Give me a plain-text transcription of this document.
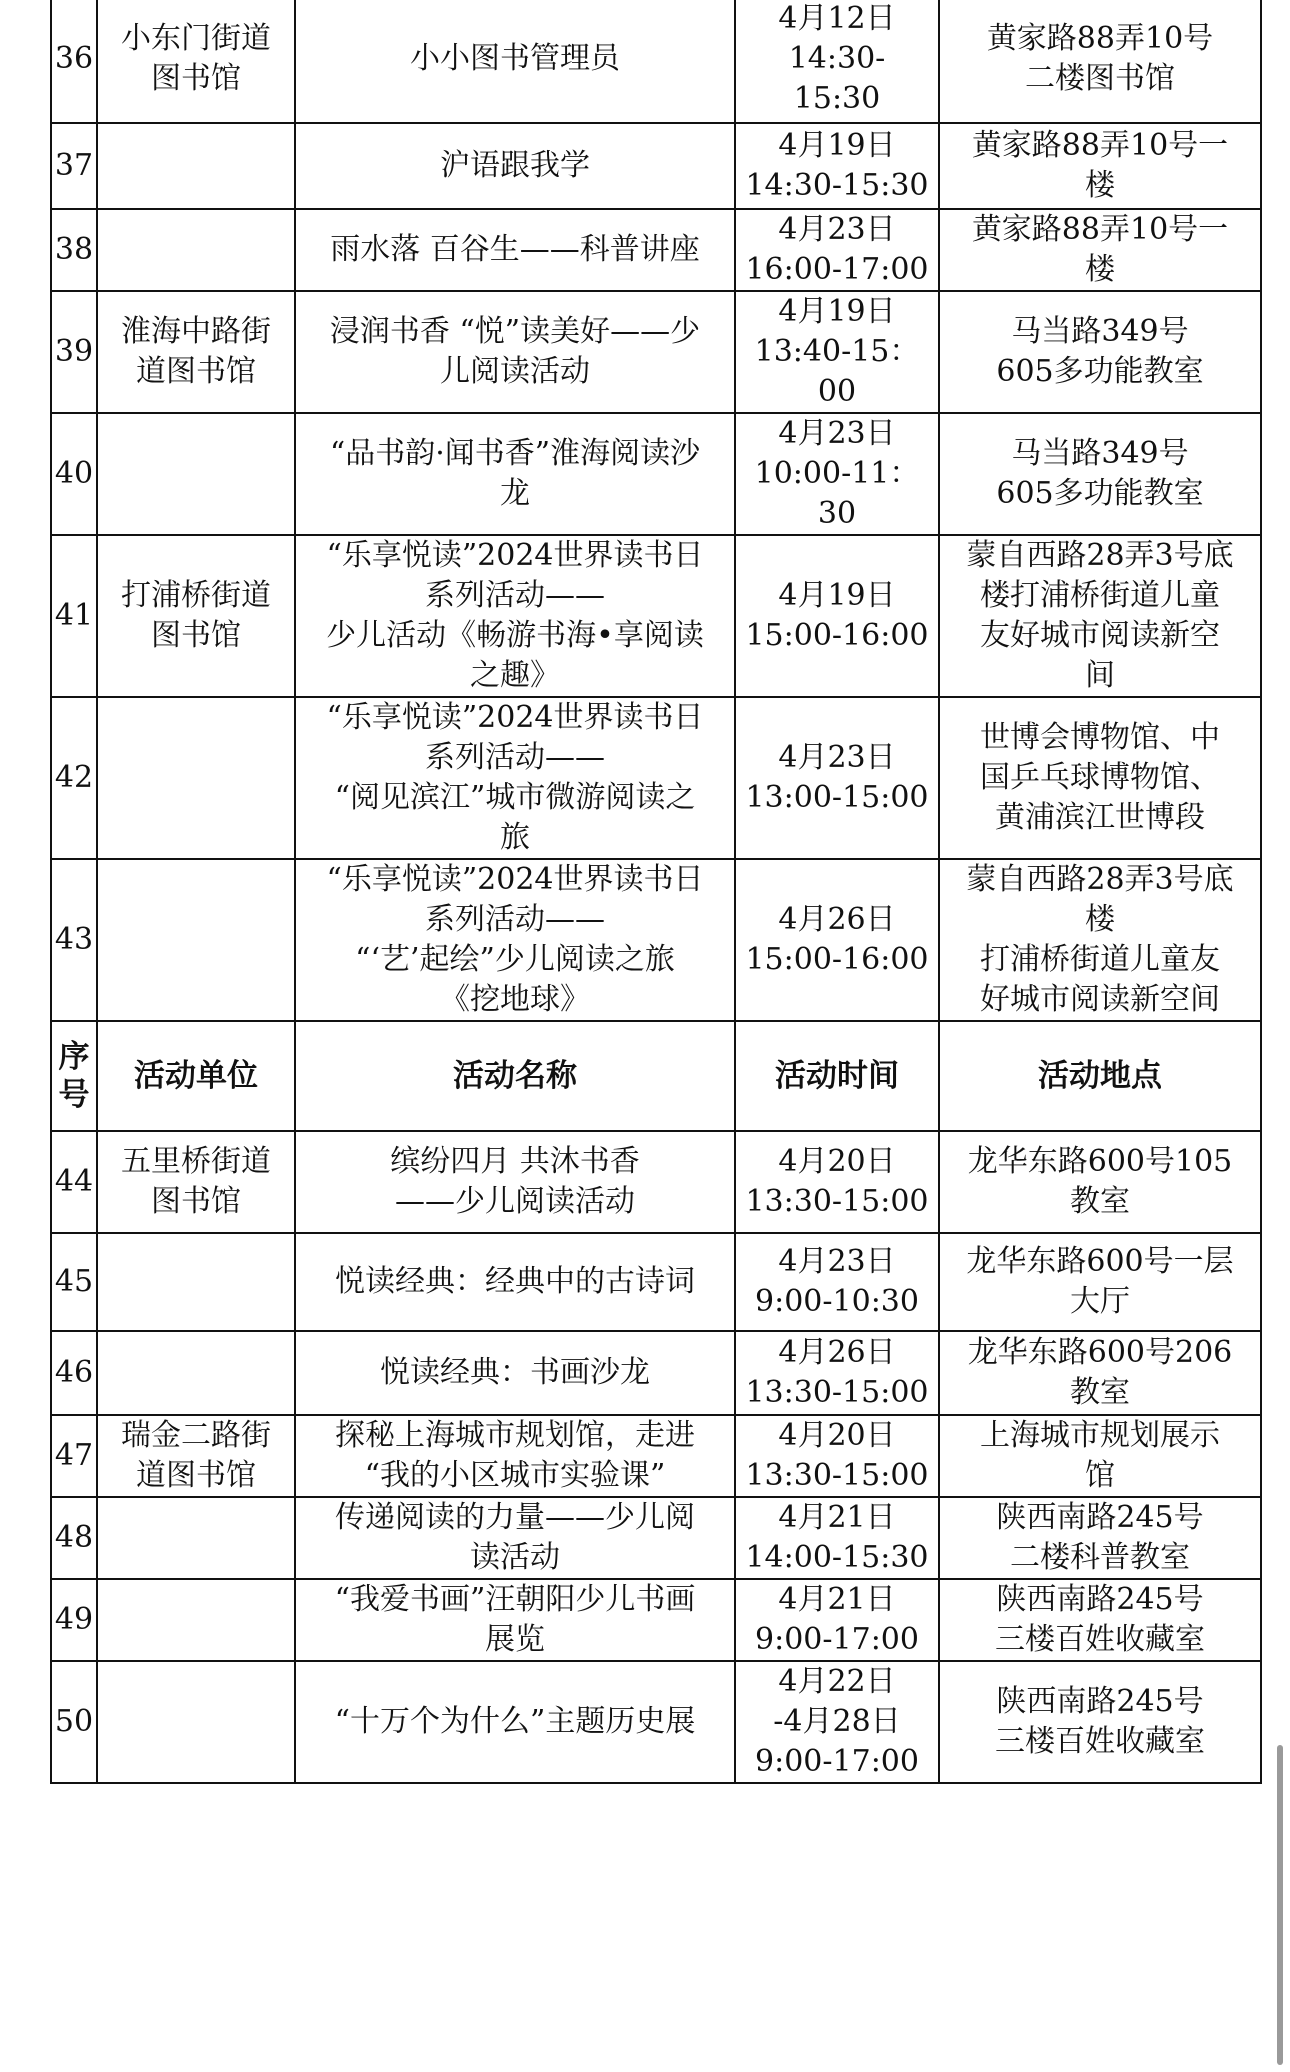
36	小东门街道
图书馆	小小图书管理员	4月12日
14:30-
15:30	黄家路88弄10号
二楼图书馆
37		沪语跟我学	4月19日
14:30-15:30	黄家路88弄10号一
楼
38		雨水落 百谷生——科普讲座	4月23日
16:00-17:00	黄家路88弄10号一
楼
39	淮海中路街
道图书馆	浸润书香 “悦”读美好——少
儿阅读活动	4月19日
13:40-15：
00	马当路349号
605多功能教室
40		“品书韵·闻书香”淮海阅读沙
龙	4月23日
10:00-11：
30	马当路349号
605多功能教室
41	打浦桥街道
图书馆	“乐享悦读”2024世界读书日
系列活动——
少儿活动《畅游书海•享阅读
之趣》	4月19日
15:00-16:00	蒙自西路28弄3号底
楼打浦桥街道儿童
友好城市阅读新空
间
42		“乐享悦读”2024世界读书日
系列活动——
“阅见滨江”城市微游阅读之
旅	4月23日
13:00-15:00	世博会博物馆、中
国乒乓球博物馆、
黄浦滨江世博段
43		“乐享悦读”2024世界读书日
系列活动——
“‘艺’起绘”少儿阅读之旅
《挖地球》	4月26日
15:00-16:00	蒙自西路28弄3号底
楼
打浦桥街道儿童友
好城市阅读新空间
序
号	活动单位	活动名称	活动时间	活动地点
44	五里桥街道
图书馆	缤纷四月 共沐书香
——少儿阅读活动	4月20日
13:30-15:00	龙华东路600号105
教室
45		悦读经典：经典中的古诗词	4月23日
9:00-10:30	龙华东路600号一层
大厅
46		悦读经典：书画沙龙	4月26日
13:30-15:00	龙华东路600号206
教室
47	瑞金二路街
道图书馆	探秘上海城市规划馆，走进
“我的小区城市实验课”	4月20日
13:30-15:00	上海城市规划展示
馆
48		传递阅读的力量——少儿阅
读活动	4月21日
14:00-15:30	陕西南路245号
二楼科普教室
49		“我爱书画”汪朝阳少儿书画
展览	4月21日
9:00-17:00	陕西南路245号
三楼百姓收藏室
50		“十万个为什么”主题历史展	4月22日
-4月28日
9:00-17:00	陕西南路245号
三楼百姓收藏室
